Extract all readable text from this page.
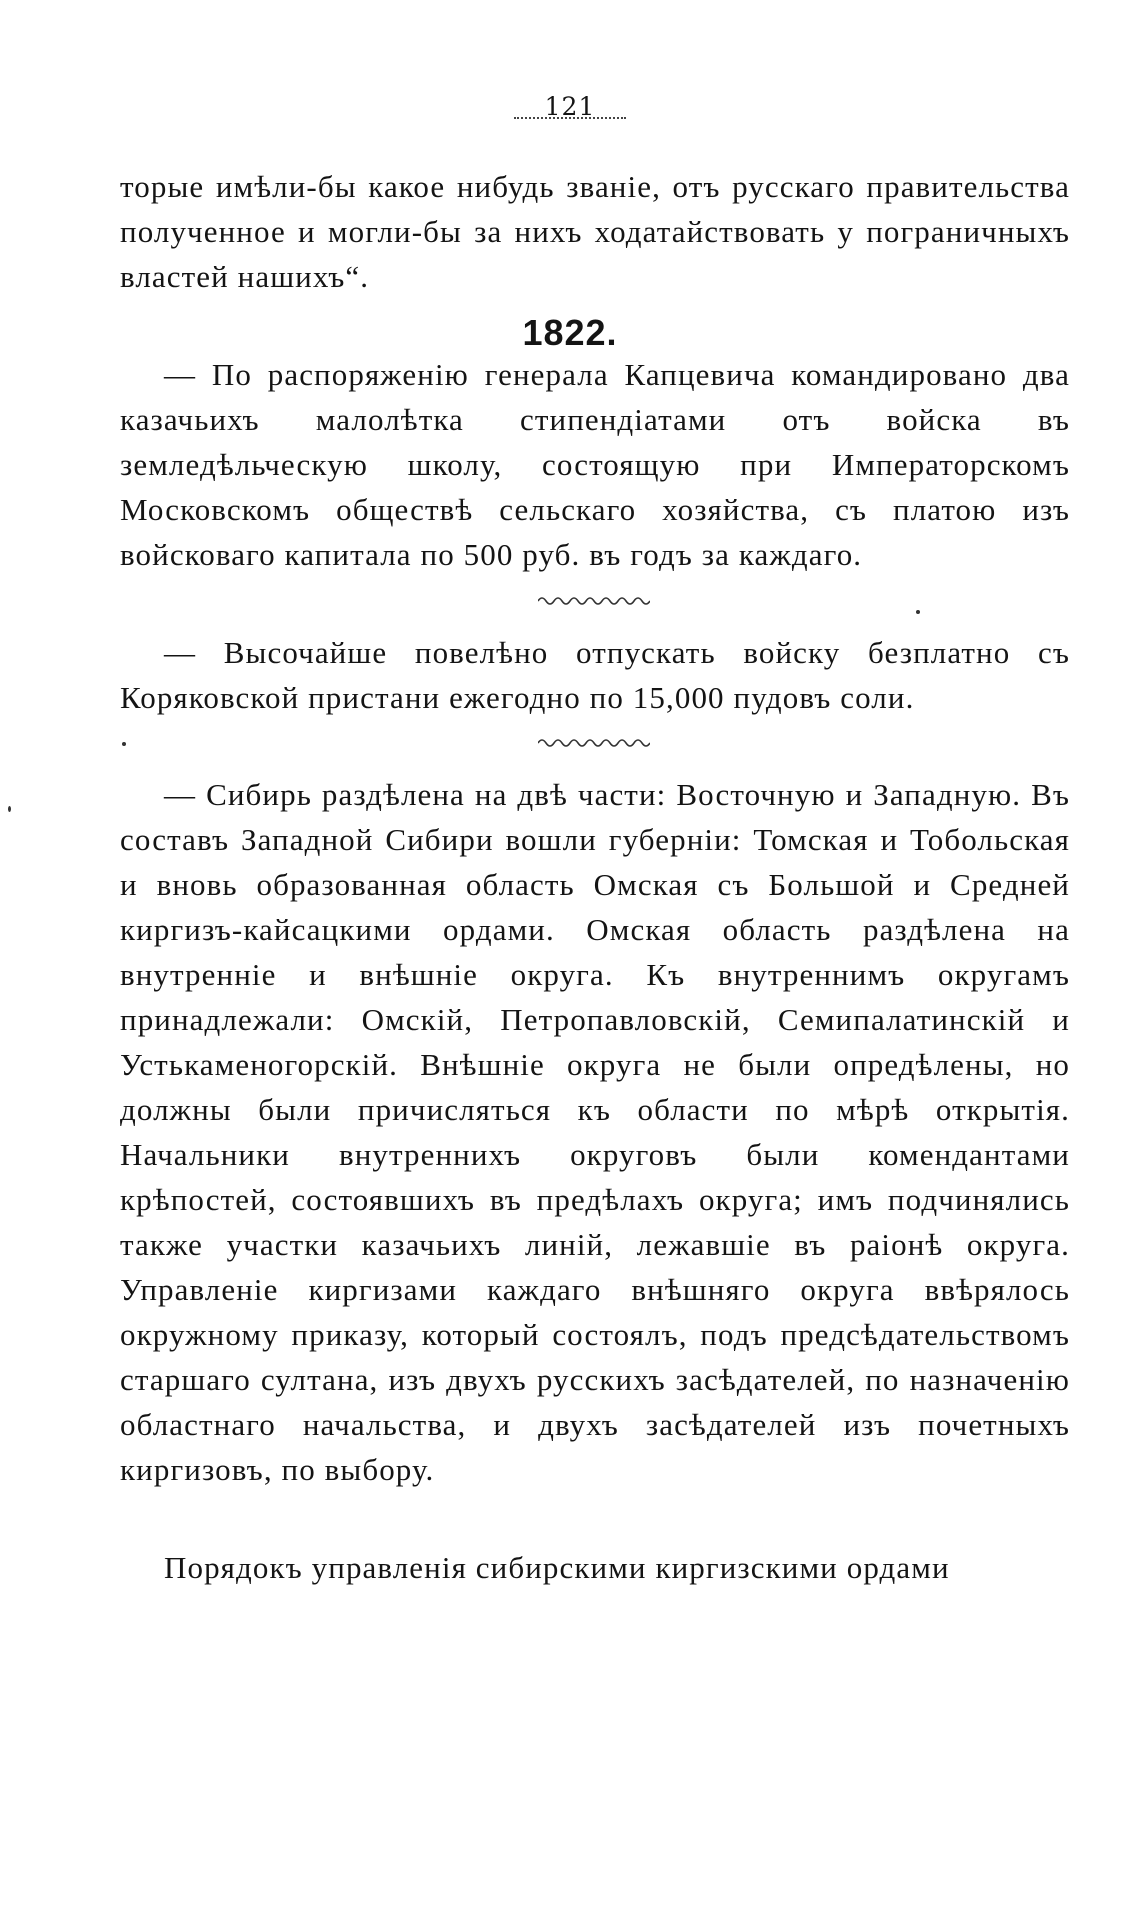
121

торые имѣли-бы какое нибудь званіе, отъ русскаго правительства полученное и могли-бы за нихъ ходатайствовать у пограничныхъ властей нашихъ“.

1822.

— По распоряженію генерала Капцевича командировано два казачьихъ малолѣтка стипендіатами отъ войска въ земледѣльческую школу, состоящую при Императорскомъ Московскомъ обществѣ сельскаго хозяйства, съ платою изъ войсковаго капитала по 500 руб. въ годъ за каждаго.

— Высочайше повелѣно отпускать войску безплатно съ Коряковской пристани ежегодно по 15,000 пудовъ соли.

— Сибирь раздѣлена на двѣ части: Восточную и Западную. Въ составъ Западной Сибири вошли губерніи: Томская и Тобольская и вновь образованная область Омская съ Большой и Средней киргизъ-кайсацкими ордами. Омская область раздѣлена на внутренніе и внѣшніе округа. Къ внутреннимъ округамъ принадлежали: Омскій, Петропавловскій, Семипалатинскій и Устькаменогорскій. Внѣшніе округа не были опредѣлены, но должны были причисляться къ области по мѣрѣ открытія. Начальники внутреннихъ округовъ были комендантами крѣпостей, состоявшихъ въ предѣлахъ округа; имъ подчинялись также участки казачьихъ линій, лежавшіе въ раіонѣ округа. Управленіе киргизами каждаго внѣшняго округа ввѣрялось окружному приказу, который состоялъ, подъ предсѣдательствомъ старшаго султана, изъ двухъ русскихъ засѣдателей, по назначенію областнаго начальства, и двухъ засѣдателей изъ почетныхъ киргизовъ, по выбору.

Порядокъ управленія сибирскими киргизскими ордами
